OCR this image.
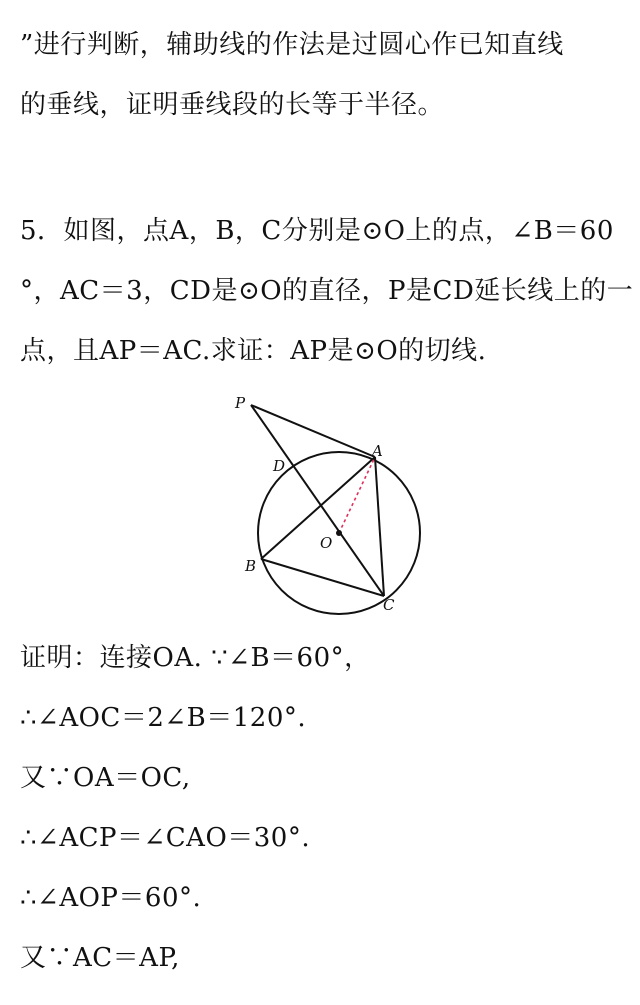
”进行判断，辅助线的作法是过圆心作已知直线
的垂线，证明垂线段的长等于半径。
5．如图，点A，B，C分别是⊙O上的点，∠B＝60
°，AC＝3，CD是⊙O的直径，P是CD延长线上的一
点，且AP＝AC.求证：AP是⊙O的切线.
P
D
A
O
B
C
证明：连接OA. ∵∠B＝60°，
∴∠AOC＝2∠B＝120°.
又∵OA＝OC,
∴∠ACP＝∠CAO＝30°.
∴∠AOP＝60°.
又∵AC＝AP,
